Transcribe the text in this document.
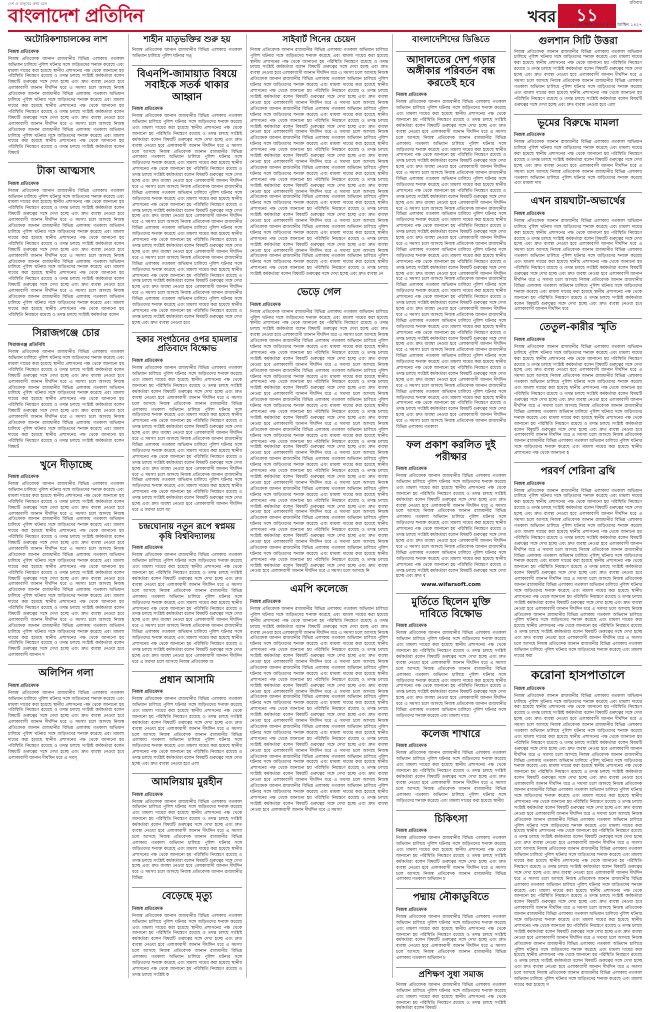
দেশ ও মানুষের কথা বলে
বাংলাদেশ প্রতিদিন	খবর	১১
রবিবার
২৭ সেপ্টেম্বর ২০২০ | ১২ আশ্বিন ১৪২৭
অটোরিকশাচালকের লাশ
নিজস্ব প্রতিবেদক

নিজস্ব প্রতিবেদক জানান রাজধানীর বিভিন্ন এলাকায় গতকাল অভিযান চালিয়ে পুলিশ ঘটনার সঙ্গে জড়িতদের শনাক্ত করেছে এবং মামলা দায়ের করা হয়েছে স্থানীয় প্রশাসনের পক্ষ থেকে জানানো হয় পরিস্থিতি নিয়ন্ত্রণে রয়েছে ও তদন্ত চলছে সংশ্লিষ্ট কর্মকর্তারা বলেন বিষয়টি গুরুত্বের সঙ্গে দেখা হচ্ছে এবং দ্রুত ব্যবস্থা নেওয়া হবে এলাকাবাসী জানান দীর্ঘদিন ধরে এ সমস্যা চলে আসছে নিজস্ব প্রতিবেদক জানান রাজধানীর বিভিন্ন এলাকায় গতকাল অভিযান চালিয়ে পুলিশ ঘটনার সঙ্গে জড়িতদের শনাক্ত করেছে এবং মামলা দায়ের করা হয়েছে স্থানীয় প্রশাসনের পক্ষ থেকে জানানো হয় পরিস্থিতি নিয়ন্ত্রণে রয়েছে ও তদন্ত চলছে সংশ্লিষ্ট কর্মকর্তারা বলেন বিষয়টি গুরুত্বের সঙ্গে দেখা হচ্ছে এবং দ্রুত ব্যবস্থা নেওয়া হবে এলাকাবাসী জানান দীর্ঘদিন ধরে এ সমস্যা চলে আসছে নিজস্ব প্রতিবেদক জানান রাজধানীর বিভিন্ন এলাকায় গতকাল অভিযান চালিয়ে পুলিশ ঘটনার সঙ্গে জড়িতদের শনাক্ত করেছে এবং মামলা দায়ের করা হয়েছে স্থানীয় প্রশাসনের পক্ষ থেকে জানানো হয় পরিস্থিতি নিয়ন্ত্রণে রয়েছে ও তদন্ত চলছে সংশ্লিষ্ট কর্মকর্তারা বলেন বিষয়ট

টাকা আত্মসাৎ
নিজস্ব প্রতিবেদক

নিজস্ব প্রতিবেদক জানান রাজধানীর বিভিন্ন এলাকায় গতকাল অভিযান চালিয়ে পুলিশ ঘটনার সঙ্গে জড়িতদের শনাক্ত করেছে এবং মামলা দায়ের করা হয়েছে স্থানীয় প্রশাসনের পক্ষ থেকে জানানো হয় পরিস্থিতি নিয়ন্ত্রণে রয়েছে ও তদন্ত চলছে সংশ্লিষ্ট কর্মকর্তারা বলেন বিষয়টি গুরুত্বের সঙ্গে দেখা হচ্ছে এবং দ্রুত ব্যবস্থা নেওয়া হবে এলাকাবাসী জানান দীর্ঘদিন ধরে এ সমস্যা চলে আসছে নিজস্ব প্রতিবেদক জানান রাজধানীর বিভিন্ন এলাকায় গতকাল অভিযান চালিয়ে পুলিশ ঘটনার সঙ্গে জড়িতদের শনাক্ত করেছে এবং মামলা দায়ের করা হয়েছে স্থানীয় প্রশাসনের পক্ষ থেকে জানানো হয় পরিস্থিতি নিয়ন্ত্রণে রয়েছে ও তদন্ত চলছে সংশ্লিষ্ট কর্মকর্তারা বলেন বিষয়টি গুরুত্বের সঙ্গে দেখা হচ্ছে এবং দ্রুত ব্যবস্থা নেওয়া হবে এলাকাবাসী জানান দীর্ঘদিন ধরে এ সমস্যা চলে আসছে নিজস্ব প্রতিবেদক জানান রাজধানীর বিভিন্ন এলাকায় গতকাল অভিযান চালিয়ে পুলিশ ঘটনার সঙ্গে জড়িতদের শনাক্ত করেছে এবং মামলা দায়ের করা হয়েছে স্থানীয় প্রশাসনের পক্ষ থেকে জানানো হয় পরিস্থিতি নিয়ন্ত্রণে রয়েছে ও তদন্ত চলছে সংশ্লিষ্ট কর্মকর্তারা বলেন বিষয়টি গুরুত্বের সঙ্গে দেখা হচ্ছে এবং দ্রুত ব্যবস্থা নেওয়া হবে এলাকাবাসী জানান দীর্ঘদিন ধরে এ সমস্যা চলে আসছে নিজস্ব প্রতিবেদক জানান রাজধানীর বিভিন্ন এলাকায় গতকাল অভিযান চালিয়ে পুলিশ ঘটনার সঙ্গে জড়িতদের শনাক্ত করেছে এবং মামলা দায়ের করা হয়েছে স্থানীয় প্রশাসনের পক্ষ থেকে জানানো হয় পরিস্থিতি নিয়ন্ত্রণে রয়েছে ও তদন্ত চলছে সংশ্লিষ্ট কর্মকর্তারা বলেন

সিরাজগঞ্জে চোর
সিরাজগঞ্জ প্রতিনিধি

নিজস্ব প্রতিবেদক জানান রাজধানীর বিভিন্ন এলাকায় গতকাল অভিযান চালিয়ে পুলিশ ঘটনার সঙ্গে জড়িতদের শনাক্ত করেছে এবং মামলা দায়ের করা হয়েছে স্থানীয় প্রশাসনের পক্ষ থেকে জানানো হয় পরিস্থিতি নিয়ন্ত্রণে রয়েছে ও তদন্ত চলছে সংশ্লিষ্ট কর্মকর্তারা বলেন বিষয়টি গুরুত্বের সঙ্গে দেখা হচ্ছে এবং দ্রুত ব্যবস্থা নেওয়া হবে এলাকাবাসী জানান দীর্ঘদিন ধরে এ সমস্যা চলে আসছে নিজস্ব প্রতিবেদক জানান রাজধানীর বিভিন্ন এলাকায় গতকাল অভিযান চালিয়ে পুলিশ ঘটনার সঙ্গে জড়িতদের শনাক্ত করেছে এবং মামলা দায়ের করা হয়েছে স্থানীয় প্রশাসনের পক্ষ থেকে জানানো হয় পরিস্থিতি নিয়ন্ত্রণে রয়েছে ও তদন্ত চলছে সংশ্লিষ্ট কর্মকর্তারা বলেন বিষয়টি গুরুত্বের সঙ্গে দেখা হচ্ছে এবং দ্রুত ব্যবস্থা নেওয়া হবে এলাকাবাসী জানান দীর্ঘদিন ধরে এ সমস্যা চলে আসছে নিজস্ব প্রতিবেদক জানান রাজধানীর বিভিন্ন এলাকায় গতকাল অভিযান চালিয়ে পুলিশ ঘটনার সঙ্গে জড়িতদের শনাক্ত করেছে এবং মামলা দায়ের করা হয়েছে স্থানীয় প্রশাসনের পক্ষ থেকে জানানো হয় পরিস্থিতি নিয়ন্ত্রণে রয়েছে ও তদন্ত চলছে সংশ্লিষ্ট কর্মকর্তারা বলেন বিষয়ট

খুনে দীড়াচ্ছে
নিজস্ব প্রতিবেদক

নিজস্ব প্রতিবেদক জানান রাজধানীর বিভিন্ন এলাকায় গতকাল অভিযান চালিয়ে পুলিশ ঘটনার সঙ্গে জড়িতদের শনাক্ত করেছে এবং মামলা দায়ের করা হয়েছে স্থানীয় প্রশাসনের পক্ষ থেকে জানানো হয় পরিস্থিতি নিয়ন্ত্রণে রয়েছে ও তদন্ত চলছে সংশ্লিষ্ট কর্মকর্তারা বলেন বিষয়টি গুরুত্বের সঙ্গে দেখা হচ্ছে এবং দ্রুত ব্যবস্থা নেওয়া হবে এলাকাবাসী জানান দীর্ঘদিন ধরে এ সমস্যা চলে আসছে নিজস্ব প্রতিবেদক জানান রাজধানীর বিভিন্ন এলাকায় গতকাল অভিযান চালিয়ে পুলিশ ঘটনার সঙ্গে জড়িতদের শনাক্ত করেছে এবং মামলা দায়ের করা হয়েছে স্থানীয় প্রশাসনের পক্ষ থেকে জানানো হয় পরিস্থিতি নিয়ন্ত্রণে রয়েছে ও তদন্ত চলছে সংশ্লিষ্ট কর্মকর্তারা বলেন বিষয়টি গুরুত্বের সঙ্গে দেখা হচ্ছে এবং দ্রুত ব্যবস্থা নেওয়া হবে এলাকাবাসী জানান দীর্ঘদিন ধরে এ সমস্যা চলে আসছে নিজস্ব প্রতিবেদক জানান রাজধানীর বিভিন্ন এলাকায় গতকাল অভিযান চালিয়ে পুলিশ ঘটনার সঙ্গে জড়িতদের শনাক্ত করেছে এবং মামলা দায়ের করা হয়েছে স্থানীয় প্রশাসনের পক্ষ থেকে জানানো হয় পরিস্থিতি নিয়ন্ত্রণে রয়েছে ও তদন্ত চলছে সংশ্লিষ্ট কর্মকর্তারা বলেন বিষয়টি গুরুত্বের সঙ্গে দেখা হচ্ছে এবং দ্রুত ব্যবস্থা নেওয়া হবে এলাকাবাসী জানান দীর্ঘদিন ধরে এ সমস্যা চলে আসছে নিজস্ব প্রতিবেদক জানান রাজধানীর বিভিন্ন এলাকায় গতকাল অভিযান চালিয়ে পুলিশ ঘটনার সঙ্গে জড়িতদের শনাক্ত করেছে এবং মামলা দায়ের করা হয়েছে স্থানীয় প্রশাসনের পক্ষ থেকে জানানো হয় পরিস্থিতি নিয়ন্ত্রণে রয়েছে ও তদন্ত চলছে সংশ্লিষ্ট কর্মকর্তারা বলেন বিষয়টি গুরুত্বের সঙ্গে দেখা হচ্ছে এবং দ্রুত ব্যবস্থা নেওয়া হবে এলাকাবাসী জানান দীর্ঘদিন ধরে এ সমস্যা চলে আসছে নিজস্ব প্রতিবেদক জানান রাজধানীর বিভিন্ন এলাকায় গতকাল অভিযান চালিয়ে পুলিশ ঘটনার সঙ্গে জড়িতদের শনাক্ত করেছে এবং মামলা দায়ের করা হয়েছে স্থানীয় প্রশাসনের পক্ষ থেকে জানানো হয় পরিস্থিতি নিয়ন্ত্রণে রয়েছে ও তদন্ত চলছে সংশ্লিষ্ট কর্মকর্তারা বলেন বিষয়টি গুরুত্বের সঙ্গে দেখা হচ্ছে এবং দ্রুত ব্যবস্থা নেওয়া হবে এলাকাবাসী জানান দ

অলিপিন গলা
নিজস্ব প্রতিবেদক

নিজস্ব প্রতিবেদক জানান রাজধানীর বিভিন্ন এলাকায় গতকাল অভিযান চালিয়ে পুলিশ ঘটনার সঙ্গে জড়িতদের শনাক্ত করেছে এবং মামলা দায়ের করা হয়েছে স্থানীয় প্রশাসনের পক্ষ থেকে জানানো হয় পরিস্থিতি নিয়ন্ত্রণে রয়েছে ও তদন্ত চলছে সংশ্লিষ্ট কর্মকর্তারা বলেন বিষয়টি গুরুত্বের সঙ্গে দেখা হচ্ছে এবং দ্রুত ব্যবস্থা নেওয়া হবে এলাকাবাসী জানান দীর্ঘদিন ধরে এ সমস্যা চলে আসছে নিজস্ব প্রতিবেদক জানান রাজধানীর বিভিন্ন এলাকায় গতকাল অভিযান চালিয়ে পুলিশ ঘটনার সঙ্গে জড়িতদের শনাক্ত করেছে এবং মামলা দায়ের করা হয়েছে স্থানীয় প্রশাসনের পক্ষ থেকে জানানো হয় পরিস্থিতি নিয়ন্ত্রণে রয়েছে ও তদন্ত চলছে সংশ্লিষ্ট কর্মকর্তারা বলেন বিষয়টি গুরুত্বের সঙ্গে দেখা হচ্ছে এবং দ্রুত ব্যবস্থা নেওয়া হবে এলাকাবাসী জানান দীর্ঘদিন ধরে এ সমস্

শাহীন মাতৃভক্তির শুরু হয়

নিজস্ব প্রতিবেদক জানান রাজধানীর বিভিন্ন এলাকায় গতকাল অভিযান চালিয়ে পুলিশ ঘটনার সঙ্

বিএনপি-জামায়াত বিষয়ে সবাইকে সতর্ক থাকার আহ্বান
নিজস্ব প্রতিবেদক

নিজস্ব প্রতিবেদক জানান রাজধানীর বিভিন্ন এলাকায় গতকাল অভিযান চালিয়ে পুলিশ ঘটনার সঙ্গে জড়িতদের শনাক্ত করেছে এবং মামলা দায়ের করা হয়েছে স্থানীয় প্রশাসনের পক্ষ থেকে জানানো হয় পরিস্থিতি নিয়ন্ত্রণে রয়েছে ও তদন্ত চলছে সংশ্লিষ্ট কর্মকর্তারা বলেন বিষয়টি গুরুত্বের সঙ্গে দেখা হচ্ছে এবং দ্রুত ব্যবস্থা নেওয়া হবে এলাকাবাসী জানান দীর্ঘদিন ধরে এ সমস্যা চলে আসছে নিজস্ব প্রতিবেদক জানান রাজধানীর বিভিন্ন এলাকায় গতকাল অভিযান চালিয়ে পুলিশ ঘটনার সঙ্গে জড়িতদের শনাক্ত করেছে এবং মামলা দায়ের করা হয়েছে স্থানীয় প্রশাসনের পক্ষ থেকে জানানো হয় পরিস্থিতি নিয়ন্ত্রণে রয়েছে ও তদন্ত চলছে সংশ্লিষ্ট কর্মকর্তারা বলেন বিষয়টি গুরুত্বের সঙ্গে দেখা হচ্ছে এবং দ্রুত ব্যবস্থা নেওয়া হবে এলাকাবাসী জানান দীর্ঘদিন ধরে এ সমস্যা চলে আসছে নিজস্ব প্রতিবেদক জানান রাজধানীর বিভিন্ন এলাকায় গতকাল অভিযান চালিয়ে পুলিশ ঘটনার সঙ্গে জড়িতদের শনাক্ত করেছে এবং মামলা দায়ের করা হয়েছে স্থানীয় প্রশাসনের পক্ষ থেকে জানানো হয় পরিস্থিতি নিয়ন্ত্রণে রয়েছে ও তদন্ত চলছে সংশ্লিষ্ট কর্মকর্তারা বলেন বিষয়টি গুরুত্বের সঙ্গে দেখা হচ্ছে এবং দ্রুত ব্যবস্থা নেওয়া হবে এলাকাবাসী জানান দীর্ঘদিন ধরে এ সমস্যা চলে আসছে নিজস্ব প্রতিবেদক জানান রাজধানীর বিভিন্ন এলাকায় গতকাল অভিযান চালিয়ে পুলিশ ঘটনার সঙ্গে জড়িতদের শনাক্ত করেছে এবং মামলা দায়ের করা হয়েছে স্থানীয় প্রশাসনের পক্ষ থেকে জানানো হয় পরিস্থিতি নিয়ন্ত্রণে রয়েছে ও তদন্ত চলছে সংশ্লিষ্ট কর্মকর্তারা বলেন বিষয়টি গুরুত্বের সঙ্গে দেখা হচ্ছে এবং দ্রুত ব্যবস্থা নেওয়া হবে এলাকাবাসী জানান দীর্ঘদিন ধরে এ সমস্যা চলে আসছে নিজস্ব প্রতিবেদক জানান রাজধানীর বিভিন্ন এলাকায় গতকাল অভিযান চালিয়ে পুলিশ ঘটনার সঙ্গে জড়িতদের শনাক্ত করেছে এবং মামলা দায়ের করা হয়েছে স্থানীয় প্রশাসনের পক্ষ থেকে জানানো হয় পরিস্থিতি নিয়ন্ত্রণে রয়েছে ও তদন্ত চলছে সংশ্লিষ্ট কর্মকর্তারা বলেন বিষয়টি গুরুত্বের সঙ্গে দেখা হচ্ছে এবং দ্রুত ব্যবস্থা নেওয়া হবে এলাকাবাসী জানান দীর্ঘদিন ধরে এ সমস্যা চলে আসছে নিজস্ব প্রতিবেদক জানান রাজধানীর বিভিন্ন এলাকায় গতকাল অভিযান চালিয়ে পুলিশ ঘটনার সঙ্গে জড়িতদের শনাক্ত করেছে এবং মামলা দায়ের করা হয়েছে স্থানীয় প্রশাসনের পক্ষ থেকে জানানো হয় পরিস্থিতি নিয়ন্ত্রণে রয়েছে ও তদন্ত চলছে সংশ্লিষ্ট কর্মকর্তারা বলেন বিষয়টি গুরুত্বের সঙ্গে দেখা হচ্ছে এবং দ্রুত ব্যবস্থা নেওয়া হবে

হকার সংগঠনের ওপর হামলার প্রতিবাদে বিক্ষোভ
নিজস্ব প্রতিবেদক

নিজস্ব প্রতিবেদক জানান রাজধানীর বিভিন্ন এলাকায় গতকাল অভিযান চালিয়ে পুলিশ ঘটনার সঙ্গে জড়িতদের শনাক্ত করেছে এবং মামলা দায়ের করা হয়েছে স্থানীয় প্রশাসনের পক্ষ থেকে জানানো হয় পরিস্থিতি নিয়ন্ত্রণে রয়েছে ও তদন্ত চলছে সংশ্লিষ্ট কর্মকর্তারা বলেন বিষয়টি গুরুত্বের সঙ্গে দেখা হচ্ছে এবং দ্রুত ব্যবস্থা নেওয়া হবে এলাকাবাসী জানান দীর্ঘদিন ধরে এ সমস্যা চলে আসছে নিজস্ব প্রতিবেদক জানান রাজধানীর বিভিন্ন এলাকায় গতকাল অভিযান চালিয়ে পুলিশ ঘটনার সঙ্গে জড়িতদের শনাক্ত করেছে এবং মামলা দায়ের করা হয়েছে স্থানীয় প্রশাসনের পক্ষ থেকে জানানো হয় পরিস্থিতি নিয়ন্ত্রণে রয়েছে ও তদন্ত চলছে সংশ্লিষ্ট কর্মকর্তারা বলেন বিষয়টি গুরুত্বের সঙ্গে দেখা হচ্ছে এবং দ্রুত ব্যবস্থা নেওয়া হবে এলাকাবাসী জানান দীর্ঘদিন ধরে এ সমস্যা চলে আসছে নিজস্ব প্রতিবেদক জানান রাজধানীর বিভিন্ন এলাকায় গতকাল অভিযান চালিয়ে পুলিশ ঘটনার সঙ্গে জড়িতদের শনাক্ত করেছে এবং মামলা দায়ের করা হয়েছে স্থানীয় প্রশাসনের পক্ষ থেকে জানানো হয় পরিস্থিতি নিয়ন্ত্রণে রয়েছে ও তদন্ত চলছে সংশ্লিষ্ট কর্মকর্তারা বলেন বিষয়টি গুরুত্বের সঙ্গে দেখা হচ্ছে এবং দ্রুত ব্যবস্থা নেওয়া হবে এলাকাবাসী জানান দীর্ঘদিন ধরে এ সমস্যা চলে আসছে নিজস্ব প্রতিবেদক জানান রাজধানীর বিভিন্ন এলাকায় গতকাল অভিযান চালিয়ে পুলিশ ঘটনার সঙ্গে জড়িতদের শনাক্ত করেছে এবং মামলা দায়ের করা হয়েছে স্থানীয় প্রশাসনের পক্ষ থেকে জানানো হয় পরিস্থিতি নিয়ন্ত্রণে রয়েছে ও তদন্ত চলছে সংশ্লিষ্ট কর্মকর্তারা বলেন বিষয়টি গুরুত্বের সঙ্গে দেখা হচ্ছে এবং দ্রুত ব্যবস্থা নেওয়া হবে এলাকাবাসী জানান দীর্ঘদিন ধরে এ সমস্যা চলে আ

চন্দ্রঘোনায় নতুন রূপে স্বপ্নময় কৃষি বিশ্ববিদ্যালয়
নিজস্ব প্রতিবেদক

নিজস্ব প্রতিবেদক জানান রাজধানীর বিভিন্ন এলাকায় গতকাল অভিযান চালিয়ে পুলিশ ঘটনার সঙ্গে জড়িতদের শনাক্ত করেছে এবং মামলা দায়ের করা হয়েছে স্থানীয় প্রশাসনের পক্ষ থেকে জানানো হয় পরিস্থিতি নিয়ন্ত্রণে রয়েছে ও তদন্ত চলছে সংশ্লিষ্ট কর্মকর্তারা বলেন বিষয়টি গুরুত্বের সঙ্গে দেখা হচ্ছে এবং দ্রুত ব্যবস্থা নেওয়া হবে এলাকাবাসী জানান দীর্ঘদিন ধরে এ সমস্যা চলে আসছে নিজস্ব প্রতিবেদক জানান রাজধানীর বিভিন্ন এলাকায় গতকাল অভিযান চালিয়ে পুলিশ ঘটনার সঙ্গে জড়িতদের শনাক্ত করেছে এবং মামলা দায়ের করা হয়েছে স্থানীয় প্রশাসনের পক্ষ থেকে জানানো হয় পরিস্থিতি নিয়ন্ত্রণে রয়েছে ও তদন্ত চলছে সংশ্লিষ্ট কর্মকর্তারা বলেন বিষয়টি গুরুত্বের সঙ্গে দেখা হচ্ছে এবং দ্রুত ব্যবস্থা নেওয়া হবে এলাকাবাসী জানান দীর্ঘদিন ধরে এ সমস্যা চলে আসছে নিজস্ব প্রতিবেদক জানান রাজধানীর বিভিন্ন এলাকায় গতকাল অভিযান চালিয়ে পুলিশ ঘটনার সঙ্গে জড়িতদের শনাক্ত করেছে এবং মামলা দায়ের করা হয়েছে স্থানীয় প্রশাসনের পক্ষ থেকে জানানো হয় পরিস্থিতি নিয়ন্ত্রণে রয়েছে ও তদন্ত চলছে সংশ্লিষ্ট কর্মকর্তারা বলেন বিষয়টি গুরুত্বের সঙ্গে দেখা হচ্ছে এবং দ্রুত ব্যবস্থা নেওয়া হবে এলাকাবাসী জানান দীর্ঘদিন ধরে এ সমস্যা চলে আসছে নিজস্ব প্রতিবেদক জ

প্রধান আসামি
নিজস্ব প্রতিবেদক

নিজস্ব প্রতিবেদক জানান রাজধানীর বিভিন্ন এলাকায় গতকাল অভিযান চালিয়ে পুলিশ ঘটনার সঙ্গে জড়িতদের শনাক্ত করেছে এবং মামলা দায়ের করা হয়েছে স্থানীয় প্রশাসনের পক্ষ থেকে জানানো হয় পরিস্থিতি নিয়ন্ত্রণে রয়েছে ও তদন্ত চলছে সংশ্লিষ্ট কর্মকর্তারা বলেন বিষয়টি গুরুত্বের সঙ্গে দেখা হচ্ছে এবং দ্রুত ব্যবস্থা নেওয়া হবে এলাকাবাসী জানান দীর্ঘদিন ধরে এ সমস্যা চলে আসছে নিজস্ব প্রতিবেদক জানান রাজধানীর বিভিন্ন এলাকায় গতকাল অভিযান চালিয়ে পুলিশ ঘটনার সঙ্গে জড়িতদের শনাক্ত করেছে এবং মামলা দায়ের করা হয়েছে স্থানীয় প্রশাসনের পক্ষ থেকে জানানো হয় পরিস্থিতি নিয়ন্ত্রণে রয়েছে ও তদন্ত চলছে সংশ্লিষ্ট কর্মকর্তারা বলেন বিষয়টি গুরুত্বের সঙ্গে দেখা হচ্ছে এবং দ্রুত ব্যবস্থা নেওয়া হবে এলা

আমলিয়ায় মুরহীন
নিজস্ব প্রতিবেদক

নিজস্ব প্রতিবেদক জানান রাজধানীর বিভিন্ন এলাকায় গতকাল অভিযান চালিয়ে পুলিশ ঘটনার সঙ্গে জড়িতদের শনাক্ত করেছে এবং মামলা দায়ের করা হয়েছে স্থানীয় প্রশাসনের পক্ষ থেকে জানানো হয় পরিস্থিতি নিয়ন্ত্রণে রয়েছে ও তদন্ত চলছে সংশ্লিষ্ট কর্মকর্তারা বলেন বিষয়টি গুরুত্বের সঙ্গে দেখা হচ্ছে এবং দ্রুত ব্যবস্থা নেওয়া হবে এলাকাবাসী জানান দীর্ঘদিন ধরে এ সমস্যা চলে আসছে নিজস্ব প্রতিবেদক জানান রাজধানীর বিভিন্ন এলাকায় গতকাল অভিযান চালিয়ে পুলিশ ঘটনার সঙ্গে জড়িতদের শনাক্ত করেছে এবং মামলা দায়ের করা হয়েছে স্থানীয় প্রশাসনের পক্ষ থেকে জানানো হয় পরিস্থিতি নিয়ন্ত্রণে রয়েছে ও তদন্ত চলছে সংশ্লিষ্ট কর্মকর্তারা বলেন বিষয়টি গুরুত্বের সঙ্গে দেখা হচ্ছে এবং দ্রুত ব্যবস্থা নেওয়া হবে এলাকাবাসী জানান দীর্ঘদিন ধরে এ সমস্যা চলে আসছে নিজস্ব প্রতিবেদক জানান রাজধানীর বিভিন্ন

বেড়েছে মৃত্যু
নিজস্ব প্রতিবেদক

নিজস্ব প্রতিবেদক জানান রাজধানীর বিভিন্ন এলাকায় গতকাল অভিযান চালিয়ে পুলিশ ঘটনার সঙ্গে জড়িতদের শনাক্ত করেছে এবং মামলা দায়ের করা হয়েছে স্থানীয় প্রশাসনের পক্ষ থেকে জানানো হয় পরিস্থিতি নিয়ন্ত্রণে রয়েছে ও তদন্ত চলছে সংশ্লিষ্ট কর্মকর্তারা বলেন বিষয়টি গুরুত্বের সঙ্গে দেখা হচ্ছে এবং দ্রুত ব্যবস্থা নেওয়া হবে এলাকাবাসী জানান দীর্ঘদিন ধরে এ সমস্যা চলে আসছে নিজস্ব প্রতিবেদক জানান রাজধানীর বিভিন্ন এলাকায় গতকাল অভিযান চালিয়ে পুলিশ ঘটনার সঙ্গে জড়িতদের শনাক্ত করেছে এবং মামলা দায়ের করা হয়েছে স্থানীয় প্রশাসনের পক্ষ থেকে জানানো হয় পরিস্থিতি নিয়ন্ত্রণে রয়েছে ও তদন্ত চলছে সংশ্লিষ্ট ক

সাইবার্ট গিনের চেয়েন

নিজস্ব প্রতিবেদক জানান রাজধানীর বিভিন্ন এলাকায় গতকাল অভিযান চালিয়ে পুলিশ ঘটনার সঙ্গে জড়িতদের শনাক্ত করেছে এবং মামলা দায়ের করা হয়েছে স্থানীয় প্রশাসনের পক্ষ থেকে জানানো হয় পরিস্থিতি নিয়ন্ত্রণে রয়েছে ও তদন্ত চলছে সংশ্লিষ্ট কর্মকর্তারা বলেন বিষয়টি গুরুত্বের সঙ্গে দেখা হচ্ছে এবং দ্রুত ব্যবস্থা নেওয়া হবে এলাকাবাসী জানান দীর্ঘদিন ধরে এ সমস্যা চলে আসছে নিজস্ব প্রতিবেদক জানান রাজধানীর বিভিন্ন এলাকায় গতকাল অভিযান চালিয়ে পুলিশ ঘটনার সঙ্গে জড়িতদের শনাক্ত করেছে এবং মামলা দায়ের করা হয়েছে স্থানীয় প্রশাসনের পক্ষ থেকে জানানো হয় পরিস্থিতি নিয়ন্ত্রণে রয়েছে ও তদন্ত চলছে সংশ্লিষ্ট কর্মকর্তারা বলেন বিষয়টি গুরুত্বের সঙ্গে দেখা হচ্ছে এবং দ্রুত ব্যবস্থা নেওয়া হবে এলাকাবাসী জানান দীর্ঘদিন ধরে এ সমস্যা চলে আসছে নিজস্ব প্রতিবেদক জানান রাজধানীর বিভিন্ন এলাকায় গতকাল অভিযান চালিয়ে পুলিশ ঘটনার সঙ্গে জড়িতদের শনাক্ত করেছে এবং মামলা দায়ের করা হয়েছে স্থানীয় প্রশাসনের পক্ষ থেকে জানানো হয় পরিস্থিতি নিয়ন্ত্রণে রয়েছে ও তদন্ত চলছে সংশ্লিষ্ট কর্মকর্তারা বলেন বিষয়টি গুরুত্বের সঙ্গে দেখা হচ্ছে এবং দ্রুত ব্যবস্থা নেওয়া হবে এলাকাবাসী জানান দীর্ঘদিন ধরে এ সমস্যা চলে আসছে নিজস্ব প্রতিবেদক জানান রাজধানীর বিভিন্ন এলাকায় গতকাল অভিযান চালিয়ে পুলিশ ঘটনার সঙ্গে জড়িতদের শনাক্ত করেছে এবং মামলা দায়ের করা হয়েছে স্থানীয় প্রশাসনের পক্ষ থেকে জানানো হয় পরিস্থিতি নিয়ন্ত্রণে রয়েছে ও তদন্ত চলছে সংশ্লিষ্ট কর্মকর্তারা বলেন বিষয়টি গুরুত্বের সঙ্গে দেখা হচ্ছে এবং দ্রুত ব্যবস্থা নেওয়া হবে এলাকাবাসী জানান দীর্ঘদিন ধরে এ সমস্যা চলে আসছে নিজস্ব প্রতিবেদক জানান রাজধানীর বিভিন্ন এলাকায় গতকাল অভিযান চালিয়ে পুলিশ ঘটনার সঙ্গে জড়িতদের শনাক্ত করেছে এবং মামলা দায়ের করা হয়েছে স্থানীয় প্রশাসনের পক্ষ থেকে জানানো হয় পরিস্থিতি নিয়ন্ত্রণে রয়েছে ও তদন্ত চলছে সংশ্লিষ্ট কর্মকর্তারা বলেন বিষয়টি গুরুত্বের সঙ্গে দেখা হচ্ছে এবং দ্রুত ব্যবস্থা নেওয়া হবে এলাকাবাসী জানান দীর্ঘদিন ধরে এ সমস্যা চলে আসছে নিজস্ব প্রতিবেদক জানান রাজধানীর বিভিন্ন এলাকায় গতকাল অভিযান চালিয়ে পুলিশ ঘটনার সঙ্গে জড়িতদের শনাক্ত করেছে এবং মামলা দায়ের করা হয়েছে স্থানীয় প্রশাসনের পক্ষ থেকে জানানো হয় পরিস্থিতি নিয়ন্ত্রণে রয়েছে ও তদন্ত চলছে সংশ্লিষ্ট কর্মকর্তারা বলেন বিষয়টি গুরুত্বের সঙ্গে দেখা হচ্ছে এবং দ্রুত ব্যবস্থা নেওয়া হবে এলাকাবাসী জানান দীর্ঘদিন ধরে এ সমস্যা চলে আসছে নিজস্ব প্রতিবেদক জানান রাজধানীর বিভিন্ন এলাকায় গতকাল অভিযান চালিয়ে পুলিশ ঘটনার সঙ্গে জড়িতদের শনাক্ত করেছে এবং মামলা দায়ের করা হয়েছে স্থানীয় প্রশাসনের পক্ষ থেকে জানানো হয় পরিস্থিতি নিয়ন্ত্রণে রয়েছে ও তদন্ত চলছে সংশ্লিষ্ট কর্মকর্তারা বলেন বিষয়টি গুরুত্বের সঙ্গে দেখা হচ্ছে এবং দ্রুত ব্যবস্থা নেওয়া হবে এলাকাবাসী জানান দীর্ঘদিন ধরে এ সমস্যা চলে আসছে নিজস্ব প্রতিবেদক জানান রাজধানীর বিভিন্ন এলাকায় গতকাল অভিযান চালিয়ে পুলিশ ঘটনার সঙ্গে জড়িতদের শনাক্ত করেছে এবং মামলা দায়ের করা হয়েছে স্থানীয় প্রশাসনের পক্ষ থেকে জানানো হয় পরিস্থিতি নিয়ন্ত্রণে রয়েছে ও তদন্ত চলছে সংশ্লিষ্ট কর্মকর্তারা বলেন বিষয়টি গুরুত্বের সঙ্গে দেখা হচ্ছে এবং দ্রুত ব্যবস্থা নে

ভেড়ে গেল
নিজস্ব প্রতিবেদক

নিজস্ব প্রতিবেদক জানান রাজধানীর বিভিন্ন এলাকায় গতকাল অভিযান চালিয়ে পুলিশ ঘটনার সঙ্গে জড়িতদের শনাক্ত করেছে এবং মামলা দায়ের করা হয়েছে স্থানীয় প্রশাসনের পক্ষ থেকে জানানো হয় পরিস্থিতি নিয়ন্ত্রণে রয়েছে ও তদন্ত চলছে সংশ্লিষ্ট কর্মকর্তারা বলেন বিষয়টি গুরুত্বের সঙ্গে দেখা হচ্ছে এবং দ্রুত ব্যবস্থা নেওয়া হবে এলাকাবাসী জানান দীর্ঘদিন ধরে এ সমস্যা চলে আসছে নিজস্ব প্রতিবেদক জানান রাজধানীর বিভিন্ন এলাকায় গতকাল অভিযান চালিয়ে পুলিশ ঘটনার সঙ্গে জড়িতদের শনাক্ত করেছে এবং মামলা দায়ের করা হয়েছে স্থানীয় প্রশাসনের পক্ষ থেকে জানানো হয় পরিস্থিতি নিয়ন্ত্রণে রয়েছে ও তদন্ত চলছে সংশ্লিষ্ট কর্মকর্তারা বলেন বিষয়টি গুরুত্বের সঙ্গে দেখা হচ্ছে এবং দ্রুত ব্যবস্থা নেওয়া হবে এলাকাবাসী জানান দীর্ঘদিন ধরে এ সমস্যা চলে আসছে নিজস্ব প্রতিবেদক জানান রাজধানীর বিভিন্ন এলাকায় গতকাল অভিযান চালিয়ে পুলিশ ঘটনার সঙ্গে জড়িতদের শনাক্ত করেছে এবং মামলা দায়ের করা হয়েছে স্থানীয় প্রশাসনের পক্ষ থেকে জানানো হয় পরিস্থিতি নিয়ন্ত্রণে রয়েছে ও তদন্ত চলছে সংশ্লিষ্ট কর্মকর্তারা বলেন বিষয়টি গুরুত্বের সঙ্গে দেখা হচ্ছে এবং দ্রুত ব্যবস্থা নেওয়া হবে এলাকাবাসী জানান দীর্ঘদিন ধরে এ সমস্যা চলে আসছে নিজস্ব প্রতিবেদক জানান রাজধানীর বিভিন্ন এলাকায় গতকাল অভিযান চালিয়ে পুলিশ ঘটনার সঙ্গে জড়িতদের শনাক্ত করেছে এবং মামলা দায়ের করা হয়েছে স্থানীয় প্রশাসনের পক্ষ থেকে জানানো হয় পরিস্থিতি নিয়ন্ত্রণে রয়েছে ও তদন্ত চলছে সংশ্লিষ্ট কর্মকর্তারা বলেন বিষয়টি গুরুত্বের সঙ্গে দেখা হচ্ছে এবং দ্রুত ব্যবস্থা নেওয়া হবে এলাকাবাসী জানান দীর্ঘদিন ধরে এ সমস্যা চলে আসছে নিজস্ব প্রতিবেদক জানান রাজধানীর বিভিন্ন এলাকায় গতকাল অভিযান চালিয়ে পুলিশ ঘটনার সঙ্গে জড়িতদের শনাক্ত করেছে এবং মামলা দায়ের করা হয়েছে স্থানীয় প্রশাসনের পক্ষ থেকে জানানো হয় পরিস্থিতি নিয়ন্ত্রণে রয়েছে ও তদন্ত চলছে সংশ্লিষ্ট কর্মকর্তারা বলেন বিষয়টি গুরুত্বের সঙ্গে দেখা হচ্ছে এবং দ্রুত ব্যবস্থা নেওয়া হবে এলাকাবাসী জানান দীর্ঘদিন ধরে এ সমস্যা চলে আসছে নিজস্ব প্রতিবেদক জানান রাজধানীর বিভিন্ন এলাকায় গতকাল অভিযান চালিয়ে পুলিশ ঘটনার সঙ্গে জড়িতদের শনাক্ত করেছে এবং মামলা দায়ের করা হয়েছে স্থানীয় প্রশাসনের পক্ষ থেকে জানানো হয় পরিস্থিতি নিয়ন্ত্রণে রয়েছে ও তদন্ত চলছে সংশ্লিষ্ট কর্মকর্তারা বলেন বিষয়টি গুরুত্বের সঙ্গে দেখা হচ্ছে এবং দ্রুত ব্যবস্থা নেওয়া হবে এলাকাবাসী জানান দীর্ঘদিন ধরে এ সমস্যা চলে আসছে নিজস্ব প্রতিবেদক জানান রাজধানীর বিভিন্ন এলাকায় গতকাল অভিযান চালিয়ে পুলিশ ঘটনার সঙ্গে জড়িতদের শনাক্ত করেছে এবং মামলা দায়ের করা হয়েছে স্থানীয় প্রশাসনের পক্ষ থেকে জানানো হয় পরিস্থিতি নিয়ন্ত্রণে রয়েছে ও তদন্ত চলছে সংশ্লিষ্ট কর্মকর্তারা বলেন বিষয়টি গুরুত্বের সঙ্গে দেখা হচ্ছে এবং দ্রুত ব্যবস্থা নেওয়া হবে এলাকাবাসী জানান দীর্ঘদিন ধরে এ সমস্যা চলে আসছে নিজস্ব প্রতিবেদক জানান রাজধানীর বিভিন্ন এলাকায় গতকাল অভিযান চালিয়ে পুলিশ ঘটনার সঙ্গে জড়িতদের শনাক্ত করেছে এবং মামলা দায়ের করা হয়েছে স্থানীয় প্রশাসনের পক্ষ থেকে জানানো হয় পরিস্থিতি নিয়ন্ত্রণে রয়েছে ও তদন্ত চলছে সংশ্লিষ্ট কর্মকর্তারা বলেন বিষয়টি গুরুত্বের সঙ্গে দেখা হচ্ছে এবং দ্রুত ব্যবস্থা নেওয়া হবে এলাকাবাসী জানান দীর্ঘদিন ধরে এ সমস্যা চলে আসছে নিজস্ব প্রতিবেদক জানান রাজধানীর বিভিন্ন এলাকায় গতকাল অভিযান চালিয়ে পুলিশ ঘটনার সঙ্গে জড়িতদের শনাক্ত করেছে এবং মামলা দায়ের করা হয়েছে স্থানীয় প্রশাসনের পক্ষ থেকে জানানো হয় পরিস্থিতি নিয়ন্ত্রণে রয়েছে ও তদন্ত চলছে সংশ্লিষ্ট কর্মকর্তারা বলেন বিষয়টি গুরুত্বের সঙ্গে দেখা হচ্ছে এবং দ্রুত ব্যবস্থা নেওয়া হবে এলাকাবাসী জানান দীর্ঘদিন ধরে এ সমস্যা চলে আসছে নি

এমপি কলেজে
নিজস্ব প্রতিবেদক

নিজস্ব প্রতিবেদক জানান রাজধানীর বিভিন্ন এলাকায় গতকাল অভিযান চালিয়ে পুলিশ ঘটনার সঙ্গে জড়িতদের শনাক্ত করেছে এবং মামলা দায়ের করা হয়েছে স্থানীয় প্রশাসনের পক্ষ থেকে জানানো হয় পরিস্থিতি নিয়ন্ত্রণে রয়েছে ও তদন্ত চলছে সংশ্লিষ্ট কর্মকর্তারা বলেন বিষয়টি গুরুত্বের সঙ্গে দেখা হচ্ছে এবং দ্রুত ব্যবস্থা নেওয়া হবে এলাকাবাসী জানান দীর্ঘদিন ধরে এ সমস্যা চলে আসছে নিজস্ব প্রতিবেদক জানান রাজধানীর বিভিন্ন এলাকায় গতকাল অভিযান চালিয়ে পুলিশ ঘটনার সঙ্গে জড়িতদের শনাক্ত করেছে এবং মামলা দায়ের করা হয়েছে স্থানীয় প্রশাসনের পক্ষ থেকে জানানো হয় পরিস্থিতি নিয়ন্ত্রণে রয়েছে ও তদন্ত চলছে সংশ্লিষ্ট কর্মকর্তারা বলেন বিষয়টি গুরুত্বের সঙ্গে দেখা হচ্ছে এবং দ্রুত ব্যবস্থা নেওয়া হবে এলাকাবাসী জানান দীর্ঘদিন ধরে এ সমস্যা চলে আসছে নিজস্ব প্রতিবেদক জানান রাজধানীর বিভিন্ন এলাকায় গতকাল অভিযান চালিয়ে পুলিশ ঘটনার সঙ্গে জড়িতদের শনাক্ত করেছে এবং মামলা দায়ের করা হয়েছে স্থানীয় প্রশাসনের পক্ষ থেকে জানানো হয় পরিস্থিতি নিয়ন্ত্রণে রয়েছে ও তদন্ত চলছে সংশ্লিষ্ট কর্মকর্তারা বলেন বিষয়টি গুরুত্বের সঙ্গে দেখা হচ্ছে এবং দ্রুত ব্যবস্থা নেওয়া হবে এলাকাবাসী জানান দীর্ঘদিন ধরে এ সমস্যা চলে আসছে নিজস্ব প্রতিবেদক জানান রাজধানীর বিভিন্ন এলাকায় গতকাল অভিযান চালিয়ে পুলিশ ঘটনার সঙ্গে জড়িতদের শনাক্ত করেছে এবং মামলা দায়ের করা হয়েছে স্থানীয় প্রশাসনের পক্ষ থেকে জানানো হয় পরিস্থিতি নিয়ন্ত্রণে রয়েছে ও তদন্ত চলছে সংশ্লিষ্ট কর্মকর্তারা বলেন বিষয়টি গুরুত্বের সঙ্গে দেখা হচ্ছে এবং দ্রুত ব্যবস্থা নেওয়া হবে এলাকাবাসী জানান দীর্ঘদিন ধরে এ সমস্যা চলে আসছে নিজস্ব প্রতিবেদক জানান রাজধানীর বিভিন্ন এলাকায় গতকাল অভিযান চালিয়ে পুলিশ ঘটনার সঙ্গে জড়িতদের শনাক্ত করেছে এবং মামলা দায়ের করা হয়েছে স্থানীয় প্রশাসনের পক্ষ থেকে জানানো হয় পরিস্থিতি নিয়ন্ত্রণে রয়েছে ও তদন্ত চলছে সংশ্লিষ্ট কর্মকর্তারা বলেন বিষয়টি গুরুত্বের সঙ্গে দেখা হচ্ছে এবং দ্রুত ব্যবস্থা নেওয়া হবে এলাকাবাসী জানান দীর্ঘদিন ধরে এ সমস্যা চলে আসছে নিজস্ব প্রতিবেদক জানান রাজধানীর বিভিন্ন এলাকায় গতকাল অভিযান চালিয়ে পুলিশ ঘটনার সঙ্গে জড়িতদের শনাক্ত করেছে এবং মামলা দায়ের করা হয়েছে স্থানীয় প্রশাসনের পক্ষ থেকে জানানো হয় পরিস্থিতি নিয়ন্ত্রণে রয়েছে ও তদন্ত চলছে সংশ্লিষ্ট কর্মকর্তারা বলেন বিষয়টি গুরুত্বের সঙ্গে দেখা হচ্ছে এবং দ্রুত ব্যবস্থা নেওয়া হবে এলাকাবাসী জানান দীর্ঘদিন ধরে এ সমস্যা চলে আসছে নিজস্ব প্রতিবেদক জানান রাজধানীর বিভিন্ন এলাকায় গতকাল অভিযান চালিয়ে পুলিশ ঘটনার সঙ্গে জড়িতদের শনাক্ত করেছে এবং মামলা দায়ের করা হয়েছে স্থানীয় প্রশাসনের পক্ষ থেকে জানানো হয় পরিস্থিতি নিয়ন্ত্রণে রয়েছে ও তদন্ত চলছে সংশ্লিষ্ট কর্মকর্তারা বলেন বিষয়টি গুরুত্বের সঙ্গে দেখা হচ্ছে এবং দ্রুত ব্যবস্থা নেওয়া হবে এলাকাবাসী জানান দীর্ঘদিন ধরে এ সমস্যা

বাংলাদেশিদের ডিঙিতে
আদালতের দেশ গড়ার অঙ্গীকার পরিবর্তন বন্ধ করতেই হবে
নিজস্ব প্রতিবেদক

নিজস্ব প্রতিবেদক জানান রাজধানীর বিভিন্ন এলাকায় গতকাল অভিযান চালিয়ে পুলিশ ঘটনার সঙ্গে জড়িতদের শনাক্ত করেছে এবং মামলা দায়ের করা হয়েছে স্থানীয় প্রশাসনের পক্ষ থেকে জানানো হয় পরিস্থিতি নিয়ন্ত্রণে রয়েছে ও তদন্ত চলছে সংশ্লিষ্ট কর্মকর্তারা বলেন বিষয়টি গুরুত্বের সঙ্গে দেখা হচ্ছে এবং দ্রুত ব্যবস্থা নেওয়া হবে এলাকাবাসী জানান দীর্ঘদিন ধরে এ সমস্যা চলে আসছে নিজস্ব প্রতিবেদক জানান রাজধানীর বিভিন্ন এলাকায় গতকাল অভিযান চালিয়ে পুলিশ ঘটনার সঙ্গে জড়িতদের শনাক্ত করেছে এবং মামলা দায়ের করা হয়েছে স্থানীয় প্রশাসনের পক্ষ থেকে জানানো হয় পরিস্থিতি নিয়ন্ত্রণে রয়েছে ও তদন্ত চলছে সংশ্লিষ্ট কর্মকর্তারা বলেন বিষয়টি গুরুত্বের সঙ্গে দেখা হচ্ছে এবং দ্রুত ব্যবস্থা নেওয়া হবে এলাকাবাসী জানান দীর্ঘদিন ধরে এ সমস্যা চলে আসছে নিজস্ব প্রতিবেদক জানান রাজধানীর বিভিন্ন এলাকায় গতকাল অভিযান চালিয়ে পুলিশ ঘটনার সঙ্গে জড়িতদের শনাক্ত করেছে এবং মামলা দায়ের করা হয়েছে স্থানীয় প্রশাসনের পক্ষ থেকে জানানো হয় পরিস্থিতি নিয়ন্ত্রণে রয়েছে ও তদন্ত চলছে সংশ্লিষ্ট কর্মকর্তারা বলেন বিষয়টি গুরুত্বের সঙ্গে দেখা হচ্ছে এবং দ্রুত ব্যবস্থা নেওয়া হবে এলাকাবাসী জানান দীর্ঘদিন ধরে এ সমস্যা চলে আসছে নিজস্ব প্রতিবেদক জানান রাজধানীর বিভিন্ন এলাকায় গতকাল অভিযান চালিয়ে পুলিশ ঘটনার সঙ্গে জড়িতদের শনাক্ত করেছে এবং মামলা দায়ের করা হয়েছে স্থানীয় প্রশাসনের পক্ষ থেকে জানানো হয় পরিস্থিতি নিয়ন্ত্রণে রয়েছে ও তদন্ত চলছে সংশ্লিষ্ট কর্মকর্তারা বলেন বিষয়টি গুরুত্বের সঙ্গে দেখা হচ্ছে এবং দ্রুত ব্যবস্থা নেওয়া হবে এলাকাবাসী জানান দীর্ঘদিন ধরে এ সমস্যা চলে আসছে নিজস্ব প্রতিবেদক জানান রাজধানীর বিভিন্ন এলাকায় গতকাল অভিযান চালিয়ে পুলিশ ঘটনার সঙ্গে জড়িতদের শনাক্ত করেছে এবং মামলা দায়ের করা হয়েছে স্থানীয় প্রশাসনের পক্ষ থেকে জানানো হয় পরিস্থিতি নিয়ন্ত্রণে রয়েছে ও তদন্ত চলছে সংশ্লিষ্ট কর্মকর্তারা বলেন বিষয়টি গুরুত্বের সঙ্গে দেখা হচ্ছে এবং দ্রুত ব্যবস্থা নেওয়া হবে এলাকাবাসী জানান দীর্ঘদিন ধরে এ সমস্যা চলে আসছে নিজস্ব প্রতিবেদক জানান রাজধানীর বিভিন্ন এলাকায় গতকাল অভিযান চালিয়ে পুলিশ ঘটনার সঙ্গে জড়িতদের শনাক্ত করেছে এবং মামলা দায়ের করা হয়েছে স্থানীয় প্রশাসনের পক্ষ থেকে জানানো হয় পরিস্থিতি নিয়ন্ত্রণে রয়েছে ও তদন্ত চলছে সংশ্লিষ্ট কর্মকর্তারা বলেন বিষয়টি গুরুত্বের সঙ্গে দেখা হচ্ছে এবং দ্রুত ব্যবস্থা নেওয়া হবে এলাকাবাসী জানান দীর্ঘদিন ধরে এ সমস্যা চলে আসছে নিজস্ব প্রতিবেদক জানান রাজধানীর বিভিন্ন এলাকায় গতকাল অভিযান চালিয়ে পুলিশ ঘটনার সঙ্গে জড়িতদের শনাক্ত করেছে এবং মামলা দায়ের করা হয়েছে স্থানীয় প্রশাসনের পক্ষ থেকে জানানো হয় পরিস্থিতি নিয়ন্ত্রণে রয়েছে ও তদন্ত চলছে সংশ্লিষ্ট কর্মকর্তারা বলেন বিষয়টি গুরুত্বের সঙ্গে দেখা হচ্ছে এবং দ্রুত ব্যবস্থা নেওয়া হবে এলাকাবাসী জানান দীর্ঘদিন ধরে এ সমস্যা চলে আসছে নিজস্ব প্রতিবেদক জানান রাজধানীর বিভিন্ন এলাকায় গতকাল অভিযান চালিয়ে পুলিশ ঘটনার সঙ্গে জড়িতদের শনাক্ত করেছে এবং মামলা দায়ের করা হয়েছে স্থানীয় প্রশাসনের পক্ষ থেকে জানানো হয় পরিস্থিতি নিয়ন্ত্রণে রয়েছে ও তদন্ত চলছে সংশ্লিষ্ট কর্মকর্তারা বলেন বিষয়টি গুরুত্বের সঙ্গে দেখা হচ্ছে এবং দ্রুত ব্যবস্থা নেওয়া হবে এলাকাবাসী জানান দীর্ঘদিন ধরে এ সমস্যা চলে আসছে নিজস্ব প্রতিবেদক জানান রাজধানীর বিভিন্ন এলাকায় গতকাল অভিযান চালিয়ে পুলিশ ঘটনার সঙ্গে জড়িতদের শনাক্ত করেছে এবং মামলা দায়ের করা হয়েছে স্থানীয় প্রশাসনের পক্ষ থেকে জানানো হয় পরিস্থিতি নিয়ন্ত্রণে রয়েছে ও তদন্ত চলছে সংশ্লিষ্ট কর্মকর্তারা বলেন বিষয়টি গুরুত্বের সঙ্গে দেখা হচ্ছে এবং দ্রুত ব্যবস্থা নেওয়া হবে এলাকাবাসী জানান দীর্ঘদিন ধরে এ সমস্যা চলে আসছে নিজস্ব প্রতিবেদক জানান রাজধানীর বিভিন্ন এলাকায় গতকাল

ফল প্রকাশ করলিত দুই পরীক্ষার
নিজস্ব প্রতিবেদক

নিজস্ব প্রতিবেদক জানান রাজধানীর বিভিন্ন এলাকায় গতকাল অভিযান চালিয়ে পুলিশ ঘটনার সঙ্গে জড়িতদের শনাক্ত করেছে এবং মামলা দায়ের করা হয়েছে স্থানীয় প্রশাসনের পক্ষ থেকে জানানো হয় পরিস্থিতি নিয়ন্ত্রণে রয়েছে ও তদন্ত চলছে সংশ্লিষ্ট কর্মকর্তারা বলেন বিষয়টি গুরুত্বের সঙ্গে দেখা হচ্ছে এবং দ্রুত ব্যবস্থা নেওয়া হবে এলাকাবাসী জানান দীর্ঘদিন ধরে এ সমস্যা চলে আসছে নিজস্ব প্রতিবেদক জানান রাজধানীর বিভিন্ন এলাকায় গতকাল অভিযান চালিয়ে পুলিশ ঘটনার সঙ্গে জড়িতদের শনাক্ত করেছে এবং মামলা দায়ের করা হয়েছে স্থানীয় প্রশাসনের পক্ষ থেকে জানানো হয় পরিস্থিতি নিয়ন্ত্রণে রয়েছে ও তদন্ত চলছে সংশ্লিষ্ট কর্মকর্তারা বলেন বিষয়টি গুরুত্বের সঙ্গে দেখা হচ্ছে এবং দ্রুত ব্যবস্থা নেওয়া হবে এলাকাবাসী জানান দীর্ঘদিন ধরে এ সমস্যা চলে আসছে নিজস্ব প্রতিবেদক জানান রাজধানীর বিভিন্ন এলাকায় গতকাল অভিযান চালিয়ে পুলিশ ঘটনার সঙ্গে জড়িতদের শনাক্ত করেছে এবং মামলা দায়ের করা হয়েছে স্থানীয় প্রশাসনের পক্ষ থেকে জানানো হয় পরিস্থিতি নিয়ন্ত্রণে রয়েছে ও তদন্ত চলছে সংশ্লিষ্ট কর্মকর্তারা বলেন বিষয়টি গুরুত্বের সঙ্গে দেখা হচ্ছে এবং দ্রুত ব

www.wifarsoft.com
মুর্তিতে ছিলেন মুক্তি দাবিতে বিক্ষোভ
নিজস্ব প্রতিবেদক

নিজস্ব প্রতিবেদক জানান রাজধানীর বিভিন্ন এলাকায় গতকাল অভিযান চালিয়ে পুলিশ ঘটনার সঙ্গে জড়িতদের শনাক্ত করেছে এবং মামলা দায়ের করা হয়েছে স্থানীয় প্রশাসনের পক্ষ থেকে জানানো হয় পরিস্থিতি নিয়ন্ত্রণে রয়েছে ও তদন্ত চলছে সংশ্লিষ্ট কর্মকর্তারা বলেন বিষয়টি গুরুত্বের সঙ্গে দেখা হচ্ছে এবং দ্রুত ব্যবস্থা নেওয়া হবে এলাকাবাসী জানান দীর্ঘদিন ধরে এ সমস্যা চলে আসছে নিজস্ব প্রতিবেদক জানান রাজধানীর বিভিন্ন এলাকায় গতকাল অভিযান চালিয়ে পুলিশ ঘটনার সঙ্গে জড়িতদের শনাক্ত করেছে এবং মামলা দায়ের করা হয়েছে স্থানীয় প্রশাসনের পক্ষ থেকে জানানো হয় পরিস্থিতি নিয়ন্ত্রণে রয়েছে ও তদন্ত চলছে সংশ্লিষ্ট কর্মকর্তারা বলেন বিষয়টি গুরুত্বের সঙ্গে দেখা হচ্ছে এবং দ্রুত ব্যবস্থা নেওয়া হবে এলাকাবাসী জানান দীর্ঘদিন ধরে এ সমস্যা চলে আসছে নিজস্ব প্রতিবেদক জানান রাজধানীর বিভিন্ন এলাকায় গতকাল অভিযান চালিয়ে পুলিশ ঘটনার সঙ্গে জড়িতদের শনাক্ত করেছে এবং মামলা দায়ে

কলেজ শাখারে
নিজস্ব প্রতিবেদক

নিজস্ব প্রতিবেদক জানান রাজধানীর বিভিন্ন এলাকায় গতকাল অভিযান চালিয়ে পুলিশ ঘটনার সঙ্গে জড়িতদের শনাক্ত করেছে এবং মামলা দায়ের করা হয়েছে স্থানীয় প্রশাসনের পক্ষ থেকে জানানো হয় পরিস্থিতি নিয়ন্ত্রণে রয়েছে ও তদন্ত চলছে সংশ্লিষ্ট কর্মকর্তারা বলেন বিষয়টি গুরুত্বের সঙ্গে দেখা হচ্ছে এবং দ্রুত ব্যবস্থা নেওয়া হবে এলাকাবাসী জানান দীর্ঘদিন ধরে এ সমস্যা চলে আসছে নিজস্ব প্রতিবেদক জানান রাজধানীর বিভিন্ন এলাকায় গতকাল অভিযান চালিয়ে পুলিশ ঘটনার সঙ্গে জড়িতদের শনাক্ত করেছে এবং মামলা দায়ের করা হয়েছে স্থানীয়

চিকিৎসা
নিজস্ব প্রতিবেদক

নিজস্ব প্রতিবেদক জানান রাজধানীর বিভিন্ন এলাকায় গতকাল অভিযান চালিয়ে পুলিশ ঘটনার সঙ্গে জড়িতদের শনাক্ত করেছে এবং মামলা দায়ের করা হয়েছে স্থানীয় প্রশাসনের পক্ষ থেকে জানানো হয় পরিস্থিতি নিয়ন্ত্রণে রয়েছে ও তদন্ত চলছে সংশ্লিষ্ট কর্মকর্তারা বলেন বিষয়টি গুরুত্বের সঙ্গে দেখা হচ্ছে এবং দ্রুত ব্যবস্থা নেওয়া হবে এলাকাবাসী জানান দীর্ঘদিন ধরে এ সমস্যা চলে আসছে নিজস্ব প্রতিবেদক জানান রাজধানীর বিভিন্ন এলাকায় গতকাল অভিযান চ

পদ্মায় নৌকাডুবিতে
নিজস্ব প্রতিবেদক

নিজস্ব প্রতিবেদক জানান রাজধানীর বিভিন্ন এলাকায় গতকাল অভিযান চালিয়ে পুলিশ ঘটনার সঙ্গে জড়িতদের শনাক্ত করেছে এবং মামলা দায়ের করা হয়েছে স্থানীয় প্রশাসনের পক্ষ থেকে জানানো হয় পরিস্থিতি নিয়ন্ত্রণে রয়েছে ও তদন্ত চলছে সংশ্লিষ্ট কর্মকর্তারা বলেন বিষয়টি গুরুত্বের সঙ্গে দেখা হচ্ছে এবং দ্রুত ব্যবস্থা নেওয়া হবে এলাকাবাসী জানান দীর্ঘদিন ধরে এ সমস্যা চলে আসছে নিজস্ব প্রতিবেদক জানান রাজধানীর বিভিন্ন এলাকায় গতকাল অভিযান চ

প্রশিক্ষণ সুধা সমাজ

নিজস্ব প্রতিবেদক জানান রাজধানীর বিভিন্ন এলাকায় গতকাল অভিযান চালিয়ে পুলিশ ঘটনার সঙ্গে জড়িতদের শনাক্ত করেছে এবং মামলা দায়ের করা হয়েছে স্থানীয় প্রশাসনের পক্ষ থেকে জানানো হয় পরিস্থিতি নিয়ন্ত্রণে রয়েছে ও তদন্ত চলছে সংশ্লিষ্ট কর্মকর্তারা বলেন বিষয়ট

গুলশান সিটি উত্তরা

নিজস্ব প্রতিবেদক জানান রাজধানীর বিভিন্ন এলাকায় গতকাল অভিযান চালিয়ে পুলিশ ঘটনার সঙ্গে জড়িতদের শনাক্ত করেছে এবং মামলা দায়ের করা হয়েছে স্থানীয় প্রশাসনের পক্ষ থেকে জানানো হয় পরিস্থিতি নিয়ন্ত্রণে রয়েছে ও তদন্ত চলছে সংশ্লিষ্ট কর্মকর্তারা বলেন বিষয়টি গুরুত্বের সঙ্গে দেখা হচ্ছে এবং দ্রুত ব্যবস্থা নেওয়া হবে এলাকাবাসী জানান দীর্ঘদিন ধরে এ সমস্যা চলে আসছে নিজস্ব প্রতিবেদক জানান রাজধানীর বিভিন্ন এলাকায় গতকাল অভিযান চালিয়ে পুলিশ ঘটনার সঙ্গে জড়িতদের শনাক্ত করেছে এবং মামলা দায়ের করা হয়েছে স্থানীয় প্রশাসনের পক্ষ থেকে জানানো হয় পরিস্থিতি নিয়ন্ত্রণে রয়েছে ও তদন্ত চলছে সংশ্লিষ্ট কর্মকর্তারা বলেন বিষয়টি গুরুত্বের সঙ্গে দেখা হচ্ছে এবং দ্রুত ব্যবস্থা নেওয়া হবে এলা

ভূমের বিরুদ্ধে মামলা
নিজস্ব প্রতিবেদক

নিজস্ব প্রতিবেদক জানান রাজধানীর বিভিন্ন এলাকায় গতকাল অভিযান চালিয়ে পুলিশ ঘটনার সঙ্গে জড়িতদের শনাক্ত করেছে এবং মামলা দায়ের করা হয়েছে স্থানীয় প্রশাসনের পক্ষ থেকে জানানো হয় পরিস্থিতি নিয়ন্ত্রণে রয়েছে ও তদন্ত চলছে সংশ্লিষ্ট কর্মকর্তারা বলেন বিষয়টি গুরুত্বের সঙ্গে দেখা হচ্ছে এবং দ্রুত ব্যবস্থা নেওয়া হবে এলাকাবাসী জানান দীর্ঘদিন ধরে এ সমস্যা চলে আসছে নিজস্ব প্রতিবেদক জানান রাজধানীর বিভিন্ন এলাকায় গতকাল অভিযান চালিয়ে পুলিশ ঘটনার সঙ্গে জড়িতদের শনাক্ত করেছে এবং মামলা দায

এখন রায়ঘাটা-অভার্থের
নিজস্ব প্রতিবেদক

নিজস্ব প্রতিবেদক জানান রাজধানীর বিভিন্ন এলাকায় গতকাল অভিযান চালিয়ে পুলিশ ঘটনার সঙ্গে জড়িতদের শনাক্ত করেছে এবং মামলা দায়ের করা হয়েছে স্থানীয় প্রশাসনের পক্ষ থেকে জানানো হয় পরিস্থিতি নিয়ন্ত্রণে রয়েছে ও তদন্ত চলছে সংশ্লিষ্ট কর্মকর্তারা বলেন বিষয়টি গুরুত্বের সঙ্গে দেখা হচ্ছে এবং দ্রুত ব্যবস্থা নেওয়া হবে এলাকাবাসী জানান দীর্ঘদিন ধরে এ সমস্যা চলে আসছে নিজস্ব প্রতিবেদক জানান রাজধানীর বিভিন্ন এলাকায় গতকাল অভিযান চালিয়ে পুলিশ ঘটনার সঙ্গে জড়িতদের শনাক্ত করেছে এবং মামলা দায়ের করা হয়েছে স্থানীয় প্রশাসনের পক্ষ থেকে জানানো হয় পরিস্থিতি নিয়ন্ত্রণে রয়েছে ও তদন্ত চলছে সংশ্লিষ্ট কর্মকর্তারা বলেন বিষয়টি গুরুত্বের সঙ্গে দেখা হচ্ছে এবং দ্রুত ব্যবস্থা নেওয়া হবে এলাকাবাসী জানান দীর্ঘদিন ধরে এ সমস্যা চলে আসছে নিজস্ব প্রতিবেদক জানান রাজধানীর বিভিন্ন এলাকায় গতকাল অভিযান চালিয়ে পুলিশ ঘটনার সঙ্গে জড়িতদের শনাক্ত করেছে এবং মামলা দায়ের করা হয়েছে স্থানীয় প্রশাসনের পক্ষ থেকে জানানো হয় পরিস্থিতি নিয়ন্ত্রণে রয়েছে ও তদন্ত চলছে সংশ্লিষ্ট কর্মকর্তারা বলেন বিষয়টি গুরুত্বের সঙ্গে দেখা হচ্ছে এবং দ্রুত ব্যবস্থা নেওয়া হবে এলাকাবাসী জানান দীর্ঘদিন ধরে

তেতুল-কারীর স্মৃতি
নিজস্ব প্রতিবেদক

নিজস্ব প্রতিবেদক জানান রাজধানীর বিভিন্ন এলাকায় গতকাল অভিযান চালিয়ে পুলিশ ঘটনার সঙ্গে জড়িতদের শনাক্ত করেছে এবং মামলা দায়ের করা হয়েছে স্থানীয় প্রশাসনের পক্ষ থেকে জানানো হয় পরিস্থিতি নিয়ন্ত্রণে রয়েছে ও তদন্ত চলছে সংশ্লিষ্ট কর্মকর্তারা বলেন বিষয়টি গুরুত্বের সঙ্গে দেখা হচ্ছে এবং দ্রুত ব্যবস্থা নেওয়া হবে এলাকাবাসী জানান দীর্ঘদিন ধরে এ সমস্যা চলে আসছে নিজস্ব প্রতিবেদক জানান রাজধানীর বিভিন্ন এলাকায় গতকাল অভিযান চালিয়ে পুলিশ ঘটনার সঙ্গে জড়িতদের শনাক্ত করেছে এবং মামলা দায়ের করা হয়েছে স্থানীয় প্রশাসনের পক্ষ থেকে জানানো হয় পরিস্থিতি নিয়ন্ত্রণে রয়েছে ও তদন্ত চলছে সংশ্লিষ্ট কর্মকর্তারা বলেন বিষয়টি গুরুত্বের সঙ্গে দেখা হচ্ছে এবং দ্রুত ব্যবস্থা নেওয়া হবে এলাকাবাসী জানান দীর্ঘদিন ধরে এ সমস্যা চলে আসছে নিজস্ব প্রতিবেদক জানান রাজধানীর বিভিন্ন এলাকায় গতকাল অভিযান চালিয়ে পুলিশ ঘটনার সঙ্গে জড়িতদের শনাক্ত করেছে এবং মামলা দায়ের করা হয়েছে স্থানীয় প্রশাসনের পক্ষ থেকে জানানো হয় পরিস্থিতি নিয়ন্ত্রণে রয়েছে ও তদন্ত চলছে সংশ্লিষ্ট কর্মকর্তারা বলেন বিষয়টি গুরুত্বের সঙ্গে দেখা হচ্ছে এবং দ্রুত ব্যবস্থা নেওয়া হবে এলাকাবাসী জানান দীর্ঘদিন ধরে এ সমস্যা চলে আসছে নিজস্ব প্রতিবেদক জানান রাজধানীর বিভিন্ন এলাকায় গতকাল অভিযান চালিয়ে পুলিশ ঘটনার সঙ্গে জড়িতদের শনাক্ত করেছে এবং মামলা দায়ের করা হয়েছে স্থানীয় প্রশাসনের পক্ষ থেকে জানানো হ

পরবর্ণ শেরিনা ব্রথি
নিজস্ব প্রতিবেদক

নিজস্ব প্রতিবেদক জানান রাজধানীর বিভিন্ন এলাকায় গতকাল অভিযান চালিয়ে পুলিশ ঘটনার সঙ্গে জড়িতদের শনাক্ত করেছে এবং মামলা দায়ের করা হয়েছে স্থানীয় প্রশাসনের পক্ষ থেকে জানানো হয় পরিস্থিতি নিয়ন্ত্রণে রয়েছে ও তদন্ত চলছে সংশ্লিষ্ট কর্মকর্তারা বলেন বিষয়টি গুরুত্বের সঙ্গে দেখা হচ্ছে এবং দ্রুত ব্যবস্থা নেওয়া হবে এলাকাবাসী জানান দীর্ঘদিন ধরে এ সমস্যা চলে আসছে নিজস্ব প্রতিবেদক জানান রাজধানীর বিভিন্ন এলাকায় গতকাল অভিযান চালিয়ে পুলিশ ঘটনার সঙ্গে জড়িতদের শনাক্ত করেছে এবং মামলা দায়ের করা হয়েছে স্থানীয় প্রশাসনের পক্ষ থেকে জানানো হয় পরিস্থিতি নিয়ন্ত্রণে রয়েছে ও তদন্ত চলছে সংশ্লিষ্ট কর্মকর্তারা বলেন বিষয়টি গুরুত্বের সঙ্গে দেখা হচ্ছে এবং দ্রুত ব্যবস্থা নেওয়া হবে এলাকাবাসী জানান দীর্ঘদিন ধরে এ সমস্যা চলে আসছে নিজস্ব প্রতিবেদক জানান রাজধানীর বিভিন্ন এলাকায় গতকাল অভিযান চালিয়ে পুলিশ ঘটনার সঙ্গে জড়িতদের শনাক্ত করেছে এবং মামলা দায়ের করা হয়েছে স্থানীয় প্রশাসনের পক্ষ থেকে জানানো হয় পরিস্থিতি নিয়ন্ত্রণে রয়েছে ও তদন্ত চলছে সংশ্লিষ্ট কর্মকর্তারা বলেন বিষয়টি গুরুত্বের সঙ্গে দেখা হচ্ছে এবং দ্রুত ব্যবস্থা নেওয়া হবে এলাকাবাসী জানান দীর্ঘদিন ধরে এ সমস্যা চলে আসছে নিজস্ব প্রতিবেদক জানান রাজধানীর বিভিন্ন এলাকায় গতকাল অভিযান চালিয়ে পুলিশ ঘটনার সঙ্গে জড়িতদের শনাক্ত করেছে এবং মামলা দায়ের করা হয়েছে স্থানীয় প্রশাসনের পক্ষ থেকে জানানো হয় পরিস্থিতি নিয়ন্ত্রণে রয়েছে ও তদন্ত চলছে সংশ্লিষ্ট কর্মকর্তারা বলেন বিষয়টি গুরুত্বের সঙ্গে দেখা হচ্ছে এবং দ্রুত ব্যবস্থা নেওয়া হবে এলাকাবাসী জানান দীর্ঘদিন ধরে এ সমস্যা চলে আসছে নিজস্ব প্রতিবেদক জানান রাজধানীর বিভিন্ন এলাকায় গতকাল অভিযান চালিয়ে পুলিশ ঘটনার সঙ্গে জড়িতদের শনাক্ত করেছে এবং মামলা দায়ের করা হয়েছে স্থানীয় প্রশাসনের পক্ষ থেকে জানানো হয় পরিস্থিতি নিয়ন্ত্রণে রয়েছে ও তদন্ত চলছে সংশ্লিষ্ট কর্মকর্তারা বলেন বিষয়টি গুরুত্বের সঙ্গে দেখা হচ্ছে এবং দ্রুত ব্যবস্থা নেওয়া হবে এলাকাবাসী জানান দীর্ঘদিন ধরে এ সমস্যা চলে আসছে নিজস্ব প্রতিবেদক জানান রাজধানীর বিভিন্ন এলাকায় গতকাল অভিযান চালিয়ে পুলিশ ঘটনার সঙ্গে জড়িতদের শনাক্ত করেছে এবং মামলা দায়ের করা

করোনা হাসপাতালে
নিজস্ব প্রতিবেদক

নিজস্ব প্রতিবেদক জানান রাজধানীর বিভিন্ন এলাকায় গতকাল অভিযান চালিয়ে পুলিশ ঘটনার সঙ্গে জড়িতদের শনাক্ত করেছে এবং মামলা দায়ের করা হয়েছে স্থানীয় প্রশাসনের পক্ষ থেকে জানানো হয় পরিস্থিতি নিয়ন্ত্রণে রয়েছে ও তদন্ত চলছে সংশ্লিষ্ট কর্মকর্তারা বলেন বিষয়টি গুরুত্বের সঙ্গে দেখা হচ্ছে এবং দ্রুত ব্যবস্থা নেওয়া হবে এলাকাবাসী জানান দীর্ঘদিন ধরে এ সমস্যা চলে আসছে নিজস্ব প্রতিবেদক জানান রাজধানীর বিভিন্ন এলাকায় গতকাল অভিযান চালিয়ে পুলিশ ঘটনার সঙ্গে জড়িতদের শনাক্ত করেছে এবং মামলা দায়ের করা হয়েছে স্থানীয় প্রশাসনের পক্ষ থেকে জানানো হয় পরিস্থিতি নিয়ন্ত্রণে রয়েছে ও তদন্ত চলছে সংশ্লিষ্ট কর্মকর্তারা বলেন বিষয়টি গুরুত্বের সঙ্গে দেখা হচ্ছে এবং দ্রুত ব্যবস্থা নেওয়া হবে এলাকাবাসী জানান দীর্ঘদিন ধরে এ সমস্যা চলে আসছে নিজস্ব প্রতিবেদক জানান রাজধানীর বিভিন্ন এলাকায় গতকাল অভিযান চালিয়ে পুলিশ ঘটনার সঙ্গে জড়িতদের শনাক্ত করেছে এবং মামলা দায়ের করা হয়েছে স্থানীয় প্রশাসনের পক্ষ থেকে জানানো হয় পরিস্থিতি নিয়ন্ত্রণে রয়েছে ও তদন্ত চলছে সংশ্লিষ্ট কর্মকর্তারা বলেন বিষয়টি গুরুত্বের সঙ্গে দেখা হচ্ছে এবং দ্রুত ব্যবস্থা নেওয়া হবে এলাকাবাসী জানান দীর্ঘদিন ধরে এ সমস্যা চলে আসছে নিজস্ব প্রতিবেদক জানান রাজধানীর বিভিন্ন এলাকায় গতকাল অভিযান চালিয়ে পুলিশ ঘটনার সঙ্গে জড়িতদের শনাক্ত করেছে এবং মামলা দায়ের করা হয়েছে স্থানীয় প্রশাসনের পক্ষ থেকে জানানো হয় পরিস্থিতি নিয়ন্ত্রণে রয়েছে ও তদন্ত চলছে সংশ্লিষ্ট কর্মকর্তারা বলেন বিষয়টি গুরুত্বের সঙ্গে দেখা হচ্ছে এবং দ্রুত ব্যবস্থা নেওয়া হবে এলাকাবাসী জানান দীর্ঘদিন ধরে এ সমস্যা চলে আসছে নিজস্ব প্রতিবেদক জানান রাজধানীর বিভিন্ন এলাকায় গতকাল অভিযান চালিয়ে পুলিশ ঘটনার সঙ্গে জড়িতদের শনাক্ত করেছে এবং মামলা দায়ের করা হয়েছে স্থানীয় প্রশাসনের পক্ষ থেকে জানানো হয় পরিস্থিতি নিয়ন্ত্রণে রয়েছে ও তদন্ত চলছে সংশ্লিষ্ট কর্মকর্তারা বলেন বিষয়টি গুরুত্বের সঙ্গে দেখা হচ্ছে এবং দ্রুত ব্যবস্থা নেওয়া হবে এলাকাবাসী জানান দীর্ঘদিন ধরে এ সমস্যা চলে আসছে নিজস্ব প্রতিবেদক জানান রাজধানীর বিভিন্ন এলাকায় গতকাল অভিযান চালিয়ে পুলিশ ঘটনার সঙ্গে জড়িতদের শনাক্ত করেছে এবং মামলা দায়ের করা হয়েছে স্থানীয় প্রশাসনের পক্ষ থেকে জানানো হয় পরিস্থিতি নিয়ন্ত্রণে রয়েছে ও তদন্ত চলছে সংশ্লিষ্ট কর্মকর্তারা বলেন বিষয়টি গুরুত্বের সঙ্গে দেখা হচ্ছে এবং দ্রুত ব্যবস্থা নেওয়া হবে এলাকাবাসী জানান দীর্ঘদিন ধরে এ সমস্যা চলে আসছে নিজস্ব প্রতিবেদক জানান রাজধানীর বিভিন্ন এলাকায় গতকাল অভিযান চালিয়ে পুলিশ ঘটনার সঙ্গে জড়িতদের শনাক্ত করেছে এবং মামলা দায়ের করা হয়েছে স্থানীয় প্রশাসনের পক্ষ থেকে জানানো হয় পরিস্থিতি নিয়ন্ত্রণে রয়েছে ও তদন্ত চলছে সংশ্লিষ্ট কর্মকর্তারা বলেন বিষয়টি গুরুত্বের সঙ্গে দেখা হচ্ছে এবং দ্রুত ব্যবস্থা নেওয়া হবে এলাকাবাসী জানান দীর্ঘদিন ধরে এ সমস্যা চলে আসছে নিজস্ব প্রতিবেদক জানান রাজধানীর বিভিন্ন এলাকায় গতকাল অভিযান চালিয়ে পুলিশ ঘটনার সঙ্গে জড়িতদের শনাক্ত করেছে এবং মামলা দায়ের করা হয়েছে স্থানীয় প্রশাসনের পক্ষ থেকে জানানো হয় পরিস্থিতি নিয়ন্ত্রণে রয়েছে ও তদন্ত চলছে সংশ্লিষ্ট কর্মকর্তারা বলেন বিষয়টি গুরুত্বের সঙ্গে দেখা হচ্ছে এবং দ্রুত ব্যবস্থা নেওয়া হবে এলাকাবাসী জানান দীর্ঘদিন ধরে এ সমস্যা চলে আসছে নিজস্ব প্রতিবেদক জানান রাজধানীর বিভিন্ন এলাকায় গতকাল অভিযান চালিয়ে পুলিশ ঘটনার সঙ্গে জড়িতদের শনাক্ত করেছে এবং মামলা দায়ের করা হয়েছে স্থানীয় প্রশাসনের পক্ষ থেকে জানানো হয় পরিস্থিতি নিয়ন্ত্রণে রয়েছে ও তদন্ত চলছে সংশ্লিষ্ট কর্মকর্তারা বলেন বিষয়টি গুরুত্বের সঙ্গে দেখা হচ্ছে এবং দ্রুত ব্যবস্থা নেওয়া হবে এলাকাবাসী জানান দীর্ঘদিন ধরে এ সমস্যা চলে আসছে নিজস্ব প্রতিবেদক জানান রাজধানীর বিভিন্ন এলাকায় গতকাল অভিযান চালিয়ে পুলিশ ঘটনার সঙ্গে জড়িতদের শনাক্ত করেছে এবং মামলা দায়ের করা হয়েছে স
